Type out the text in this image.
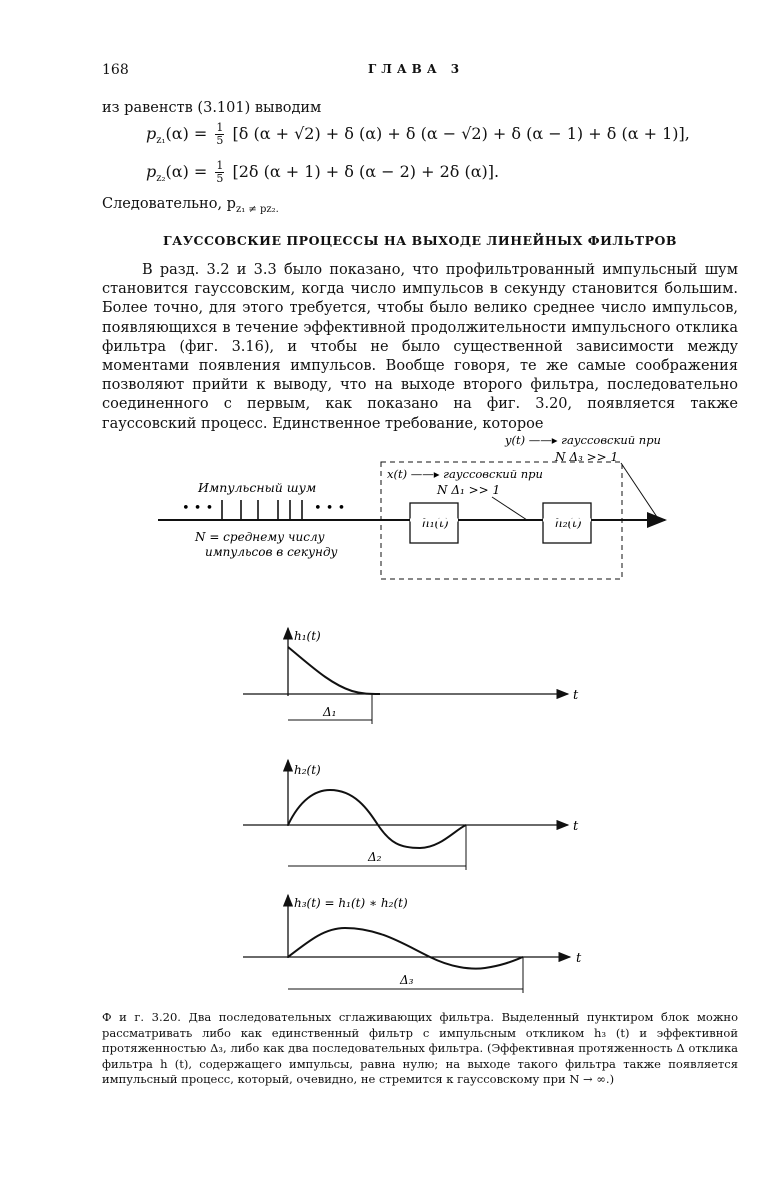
168	ГЛАВА 3
из равенств (3.101) выводим
$p_{z_1}(\alpha) = \frac{1}{5} [\delta$ (α + √2) + δ (α) + δ (α − √2) + δ (α − 1) + δ (α + 1)],
$p_{z_2}(\alpha) = \frac{1}{5} [2\delta$ (α + 1) + δ (α − 2) + 2δ (α)].
Следовательно, $p_{z_1 \ne pz_2.}$
ГАУССОВСКИЕ ПРОЦЕССЫ НА ВЫХОДЕ ЛИНЕЙНЫХ ФИЛЬТРОВ
В разд. 3.2 и 3.3 было показано, что профильтрованный импульсный шум становится гауссовским, когда число импульсов в секунду становится большим. Более точно, для этого требуется, чтобы было велико среднее число импульсов, появляющихся в течение эффективной продолжительности импульсного отклика фильтра (фиг. 3.16), и чтобы не было существенной зависимости между моментами появления импульсов. Вообще говоря, те же самые соображения позволяют прийти к выводу, что на выходе второго фильтра, последовательно соединенного с первым, как показано на фиг. 3.20, появляется также гауссовский процесс. Единственное требование, которое
• • •	• • •
Импульсный шум
N = среднему числу
импульсов в секунду
h₁(t)	h₂(t)
x(t) ——▸ гауссовский при
N Δ₁ >> 1
y(t) ——▸ гауссовский при
N Δ₃ >> 1
h₁(t)
Δ₁
t
h₂(t)
Δ₂
t
h₃(t) = h₁(t) ∗ h₂(t)
Δ₃
t
Ф и г. 3.20. Два последовательных сглаживающих фильтра. Выделенный пунктиром блок можно рассматривать либо как единственный фильтр с импульсным откликом h₃ (t) и эффективной протяженностью Δ₃, либо как два последовательных фильтра. (Эффективная протяженность Δ отклика фильтра h (t), содержащего импульсы, равна нулю; на выходе такого фильтра также появляется импульсный процесс, который, очевидно, не стремится к гауссовскому при N → ∞.)
